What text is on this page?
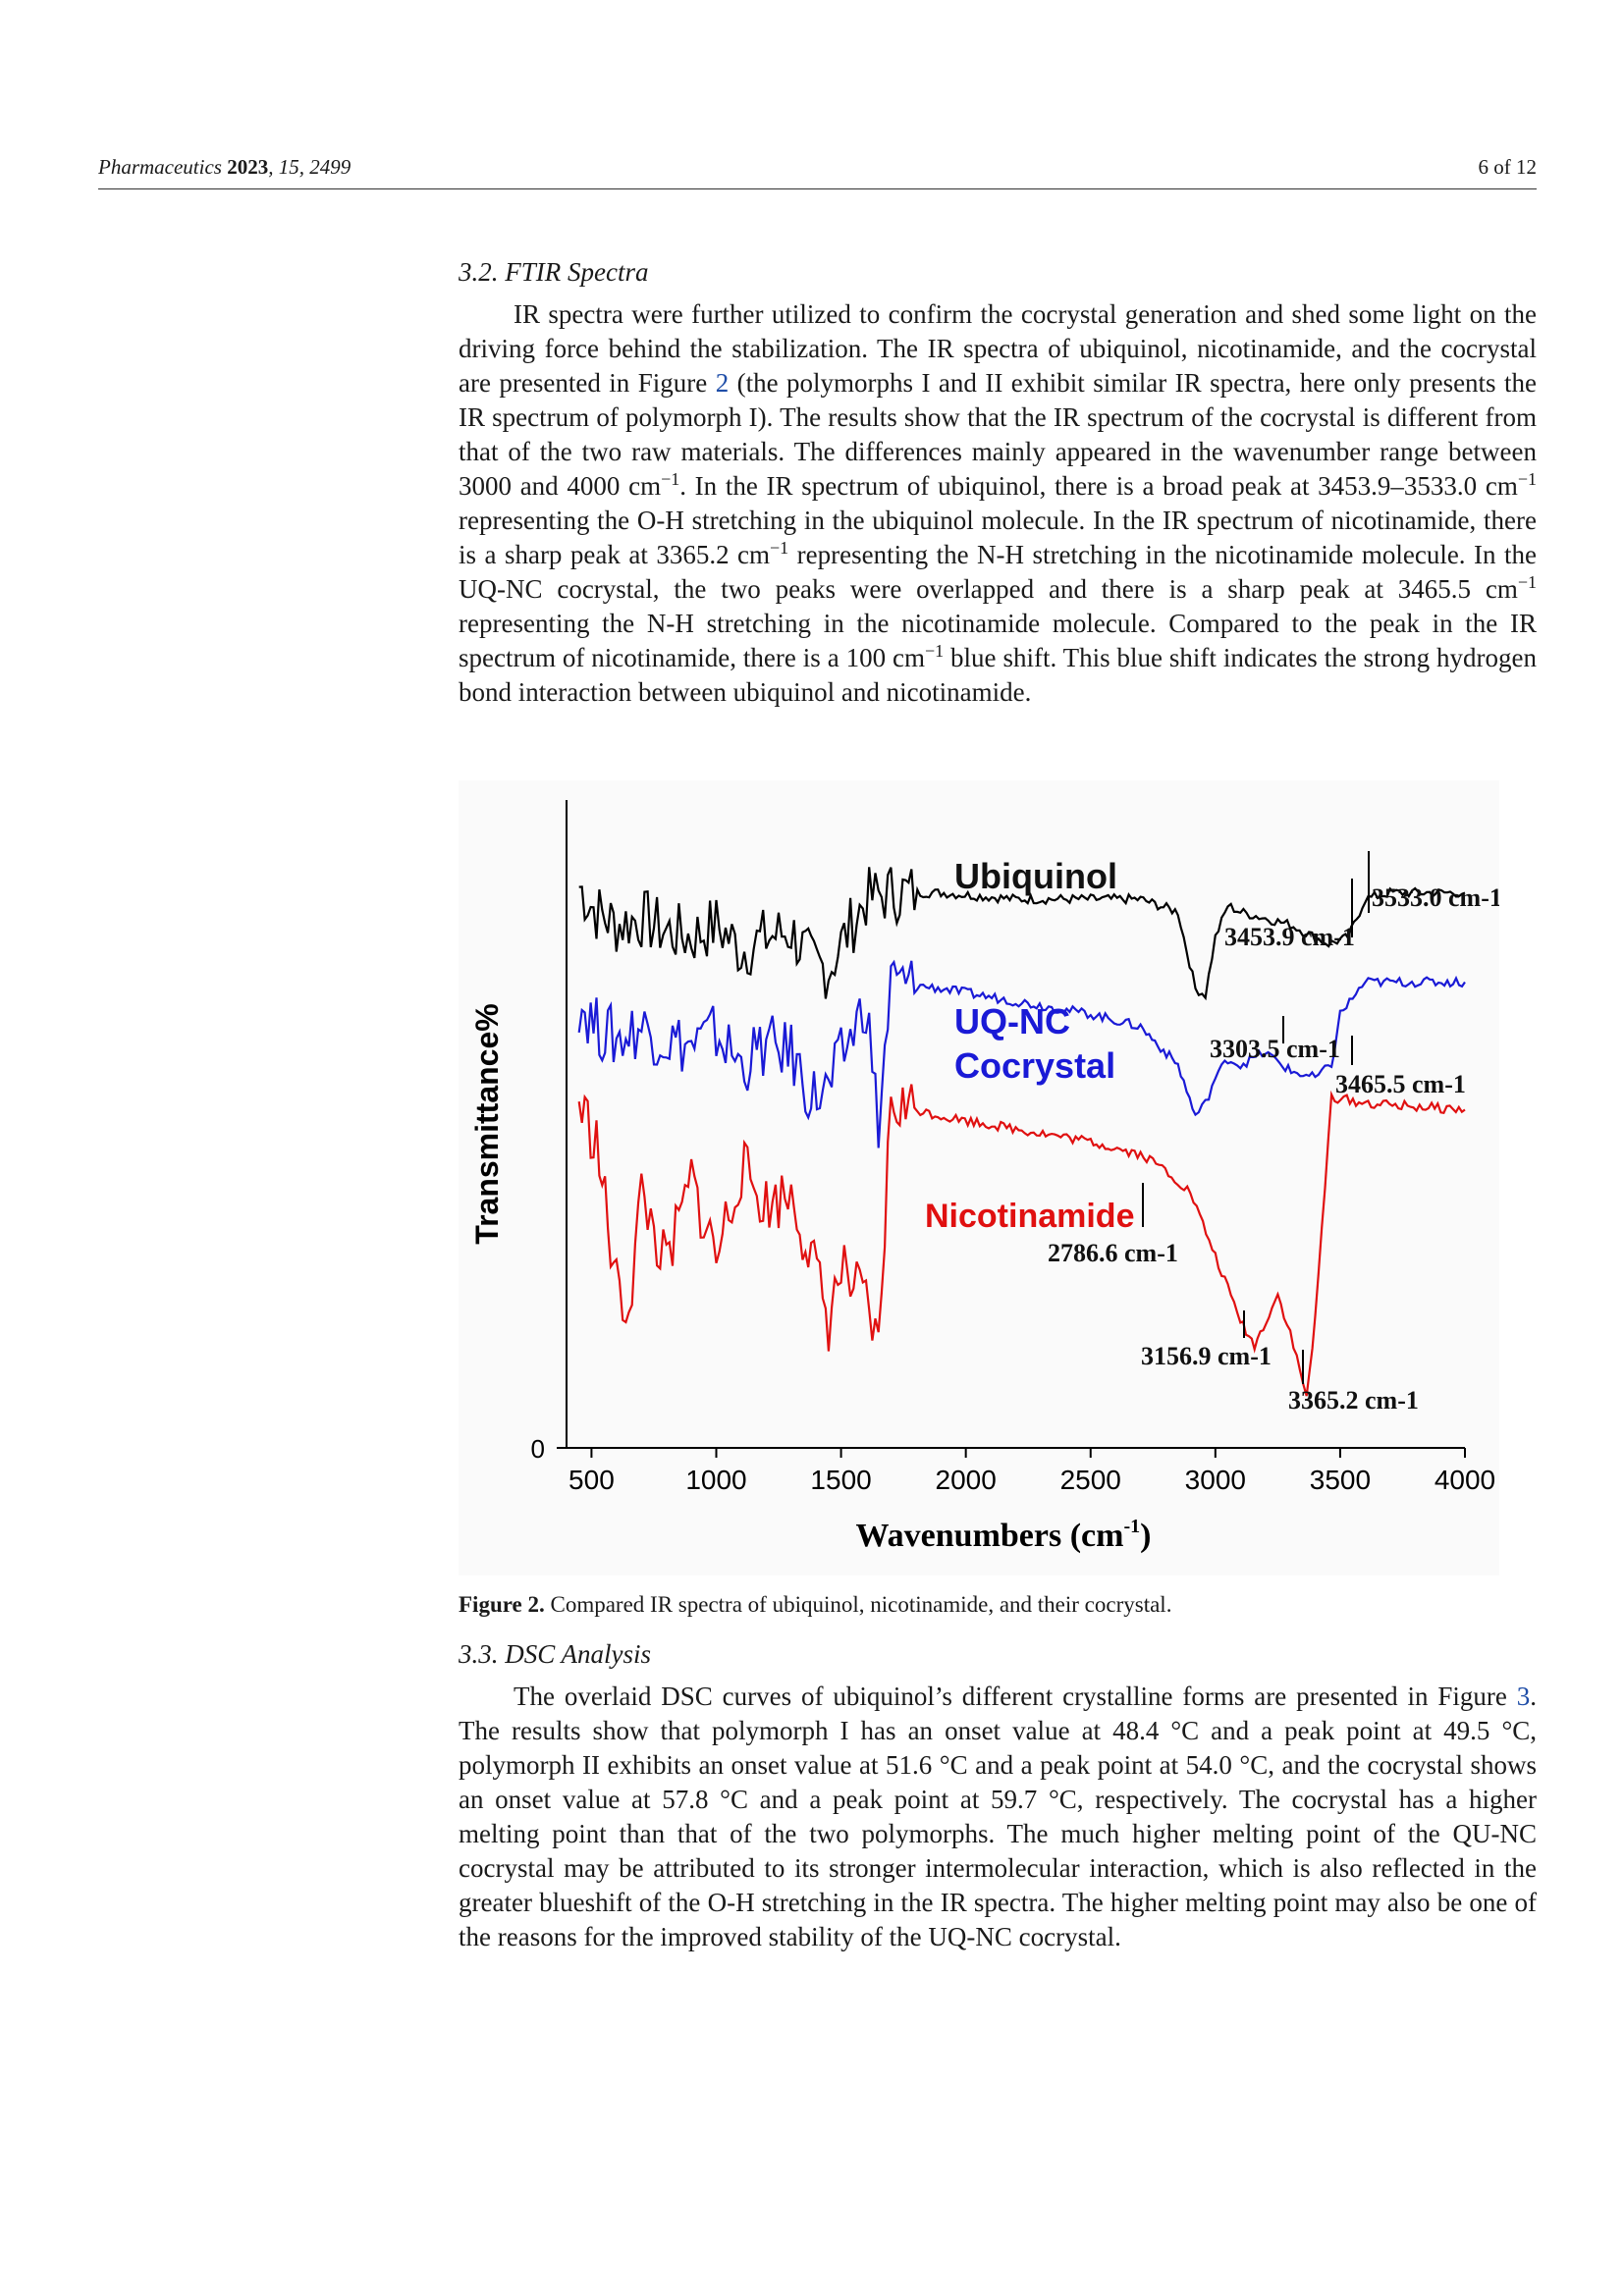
Pharmaceutics 2023, 15, 2499	6 of 12

3.2. FTIR Spectra

IR spectra were further utilized to confirm the cocrystal generation and shed some light on the driving force behind the stabilization. The IR spectra of ubiquinol, nicotinamide, and the cocrystal are presented in Figure 2 (the polymorphs I and II exhibit similar IR spectra, here only presents the IR spectrum of polymorph I). The results show that the IR spectrum of the cocrystal is different from that of the two raw materials. The differences mainly appeared in the wavenumber range between 3000 and 4000 $cm^{-1}$. In the IR spectrum of ubiquinol, there is a broad peak at 3453.9–3533.0 $cm^{-1}$ representing the O-H stretching in the ubiquinol molecule. In the IR spectrum of nicotinamide, there is a sharp peak at 3365.2 $cm^{-1}$ representing the N-H stretching in the nicotinamide molecule. In the UQ-NC cocrystal, the two peaks were overlapped and there is a sharp peak at 3465.5 $cm^{-1}$ representing the N-H stretching in the nicotinamide molecule. Compared to the peak in the IR spectrum of nicotinamide, there is a 100 $cm^{-1}$ blue shift. This blue shift indicates the strong hydrogen bond interaction between ubiquinol and nicotinamide.

0
500	1000 1500 2000 2500 3000 3500 4000
Transmittance%
Wavenumbers $(cm^{-1})$
Ubiquinol
UQ-NC
Cocrystal
Nicotinamide
3533.0 cm-1
3453.9 cm-1
3303.5 cm-1
3465.5 cm-1
2786.6 cm-1
3156.9 cm-1
3365.2 cm-1
Figure 2. Compared IR spectra of ubiquinol, nicotinamide, and their cocrystal.

3.3. DSC Analysis

The overlaid DSC curves of ubiquinol’s different crystalline forms are presented in Figure 3. The results show that polymorph I has an onset value at 48.4 °C and a peak point at 49.5 °C, polymorph II exhibits an onset value at 51.6 °C and a peak point at 54.0 °C, and the cocrystal shows an onset value at 57.8 °C and a peak point at 59.7 °C, respectively. The cocrystal has a higher melting point than that of the two polymorphs. The much higher melting point of the QU-NC cocrystal may be attributed to its stronger intermolecular interaction, which is also reflected in the greater blueshift of the O-H stretching in the IR spectra. The higher melting point may also be one of the reasons for the improved stability of the UQ-NC cocrystal.
